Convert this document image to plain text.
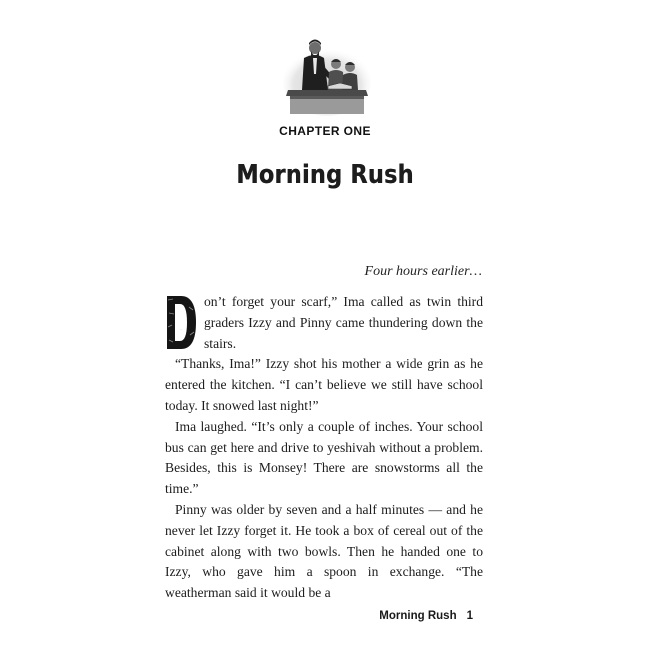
CHAPTER ONE
Morning Rush
Four hours earlier…

D
on’t forget your scarf,” Ima called as twin third graders Izzy and Pinny came thundering down the stairs.

“Thanks, Ima!” Izzy shot his mother a wide grin as he entered the kitchen. “I can’t believe we still have school today. It snowed last night!”

Ima laughed. “It’s only a couple of inches. Your school bus can get here and drive to yeshivah without a problem. Besides, this is Monsey! There are snowstorms all the time.”

Pinny was older by seven and a half minutes — and he never let Izzy forget it. He took a box of cereal out of the cabinet along with two bowls. Then he handed one to Izzy, who gave him a spoon in exchange. “The weatherman said it would be a

Morning Rush 1
